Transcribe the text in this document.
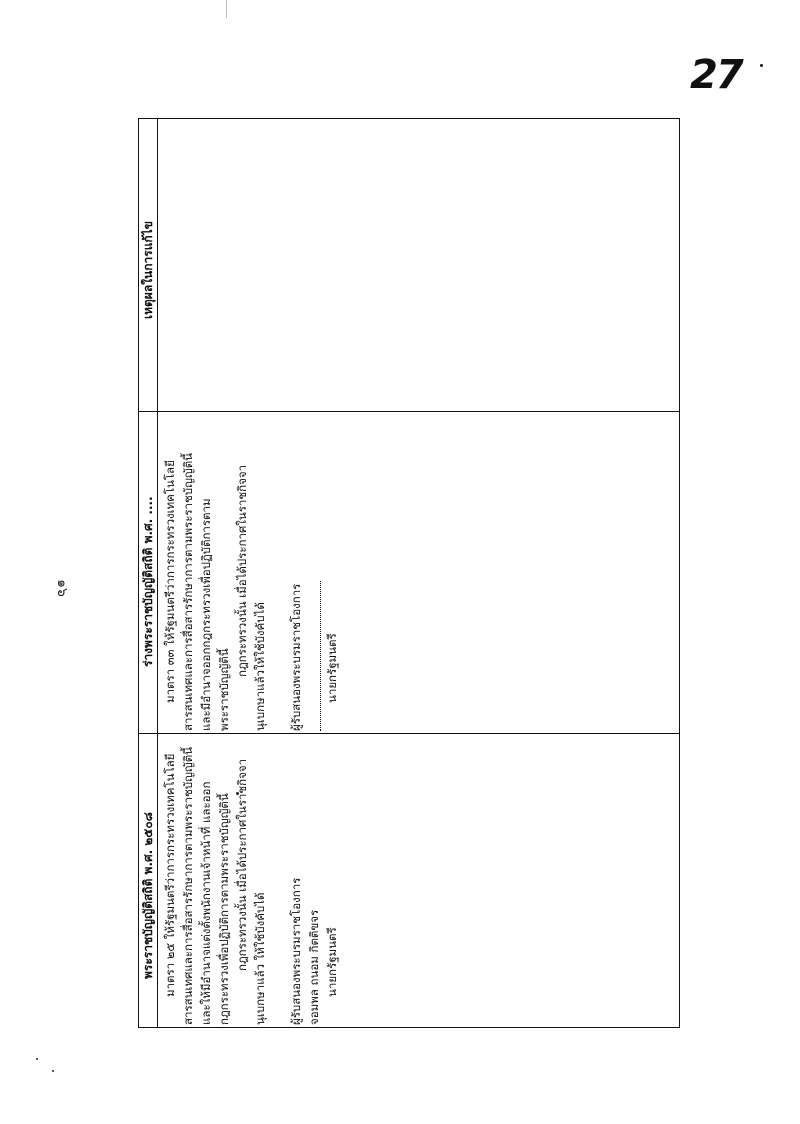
๑๖
27
พระราชบัญญัติสถิติ พ.ศ. ๒๕๐๘
ร่างพระราชบัญญัติสถิติ พ.ศ. ....
เหตุผลในการแก้ไข
มาตรา ๒๕ ให้รัฐมนตรีว่าการกระทรวงเทคโนโลยี สารสนเทศและการสื่อสารรักษาการตามพระราชบัญญัตินี้ และให้มีอำนาจแต่งตั้งพนักงานเจ้าหน้าที่ และออก กฎกระทรวงเพื่อปฏิบัติการตามพระราชบัญญัตินี้ กฎกระทรวงนั้น เมื่อได้ประกาศในราชกิจจา นุเบกษาแล้ว ให้ใช้บังคับได้ ผู้รับสนองพระบรมราชโองการ จอมพล ถนอม กิตติขจร นายกรัฐมนตรี
มาตรา ๓๓ ให้รัฐมนตรีว่าการกระทรวงเทคโนโลยี สารสนเทศและการสื่อสารรักษาการตามพระราชบัญญัตินี้ และมีอำนาจออกกฎกระทรวงเพื่อปฏิบัติการตาม พระราชบัญญัตินี้
กฎกระทรวงนั้น เมื่อได้ประกาศในราชกิจจา นุเบกษาแล้วให้ใช้บังคับได้ ผู้รับสนองพระบรมราชโองการ นายกรัฐมนตรี
